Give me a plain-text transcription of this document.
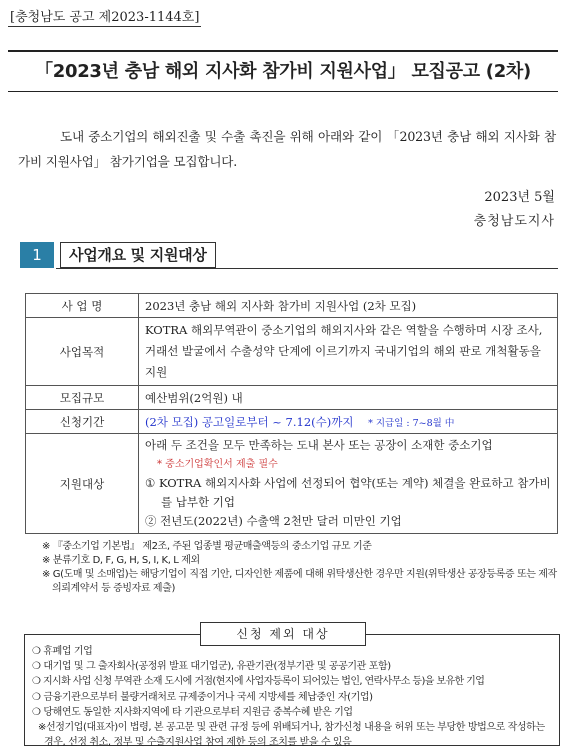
[충청남도 공고 제2023-1144호]
「2023년 충남 해외 지사화 참가비 지원사업」 모집공고 (2차)
도내 중소기업의 해외진출 및 수출 촉진을 위해 아래와 같이 「2023년 충남 해외 지사화 참가비 지원사업」 참가기업을 모집합니다.
2023년 5월
충청남도지사
1	사업개요 및 지원대상
사 업 명	2023년 충남 해외 지사화 참가비 지원사업 (2차 모집)
사업목적	KOTRA 해외무역관이 중소기업의 해외지사와 같은 역할을 수행하며 시장 조사, 거래선 발굴에서 수출성약 단계에 이르기까지 국내기업의 해외 판로 개척활동을 지원
모집규모	예산범위(2억원) 내
신청기간	(2차 모집) 공고일로부터 ~ 7.12(수)까지 * 지급일 : 7~8월 中
지원대상	아래 두 조건을 모두 만족하는 도내 본사 또는 공장이 소재한 중소기업
* 중소기업확인서 제출 필수
① KOTRA 해외지사화 사업에 선정되어 협약(또는 계약) 체결을 완료하고 참가비를 납부한 기업
② 전년도(2022년) 수출액 2천만 달러 미만인 기업
※ 『중소기업 기본법』 제2조, 주된 업종별 평균매출액등의 중소기업 규모 기준
※ 분류기호 D, F, G, H, S, I, K, L 제외
※ G(도매 및 소매업)는 해당기업이 직접 기안, 디자인한 제품에 대해 위탁생산한 경우만 지원(위탁생산 공장등록증 또는 제작의뢰계약서 등 증빙자료 제출)
신청 제외 대상
❍ 휴폐업 기업
❍ 대기업 및 그 출자회사(공정위 발표 대기업군), 유관기관(정부기관 및 공공기관 포함)
❍ 지시화 사업 신청 무역관 소재 도시에 거점(현지에 사업자등록이 되어있는 법인, 연락사무소 등)을 보유한 기업
❍ 금융기관으로부터 불량거래처로 규제중이거나 국세 지방세를 체납중인 자(기업)
❍ 당해연도 동일한 지사화지역에 타 기관으로부터 지원금 중복수혜 받은 기업
※선정기업(대표자)이 법령, 본 공고문 및 관련 규정 등에 위배되거나, 참가신청 내용을 허위 또는 부당한 방법으로 작성하는 경우, 선정 취소, 정부 및 수출지원사업 참여 제한 등의 조치를 받을 수 있음
